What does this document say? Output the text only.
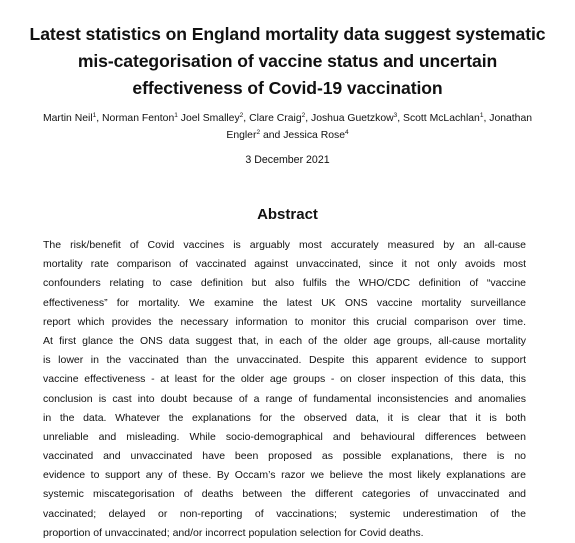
Latest statistics on England mortality data suggest systematic
mis-categorisation of vaccine status and uncertain
effectiveness of Covid-19 vaccination
Martin Neil$^1$, Norman Fenton$^1$ Joel Smalley$^2$, Clare Craig$^2$, Joshua Guetzkow$^3$, Scott McLachlan$^1$, Jonathan
Engler$^2$ and Jessica Rose$^4$
3 December 2021
Abstract
The risk/benefit of Covid vaccines is arguably most accurately measured by an all-cause
mortality rate comparison of vaccinated against unvaccinated, since it not only avoids most
confounders relating to case definition but also fulfils the WHO/CDC definition of “vaccine
effectiveness” for mortality. We examine the latest UK ONS vaccine mortality surveillance
report which provides the necessary information to monitor this crucial comparison over time.
At first glance the ONS data suggest that, in each of the older age groups, all-cause mortality
is lower in the vaccinated than the unvaccinated. Despite this apparent evidence to support
vaccine effectiveness - at least for the older age groups - on closer inspection of this data, this
conclusion is cast into doubt because of a range of fundamental inconsistencies and anomalies
in the data. Whatever the explanations for the observed data, it is clear that it is both
unreliable and misleading. While socio-demographical and behavioural differences between
vaccinated and unvaccinated have been proposed as possible explanations, there is no
evidence to support any of these. By Occam’s razor we believe the most likely explanations are
systemic miscategorisation of deaths between the different categories of unvaccinated and
vaccinated; delayed or non-reporting of vaccinations; systemic underestimation of the
proportion of unvaccinated; and/or incorrect population selection for Covid deaths.
